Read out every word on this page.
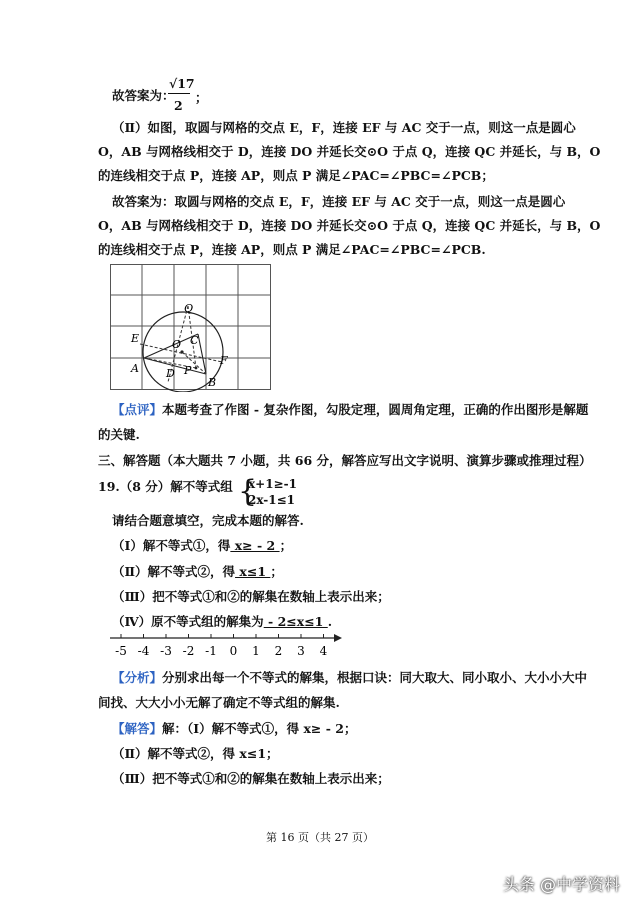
故答案为：
√17
2
；
（Ⅱ）如图，取圆与网格的交点 E，F，连接 EF 与 AC 交于一点，则这一点是圆心
O，AB 与网格线相交于 D，连接 DO 并延长交⊙O 于点 Q，连接 QC 并延长，与 B，O
的连线相交于点 P，连接 AP，则点 P 满足∠PAC=∠PBC=∠PCB；
故答案为：取圆与网格的交点 E，F，连接 EF 与 AC 交于一点，则这一点是圆心
O，AB 与网格线相交于 D，连接 DO 并延长交⊙O 于点 Q，连接 QC 并延长，与 B，O
的连线相交于点 P，连接 AP，则点 P 满足∠PAC=∠PBC=∠PCB.
Q
E	O C
F
A D P
B
【点评】本题考查了作图 - 复杂作图，勾股定理，圆周角定理，正确的作出图形是解题
的关键.
三、解答题（本大题共 7 小题，共 66 分，解答应写出文字说明、演算步骤或推理过程）
19.（8 分）解不等式组 {
x+1≥-1
2x-1≤1
请结合题意填空，完成本题的解答.
（Ⅰ）解不等式①，得 x≥ - 2 ；
（Ⅱ）解不等式②，得 x≤1 ；
（Ⅲ）把不等式①和②的解集在数轴上表示出来；
（Ⅳ）原不等式组的解集为 - 2≤x≤1 .
-5 -4 -3 -2 -1 0 1 2 3 4
【分析】分别求出每一个不等式的解集，根据口诀：同大取大、同小取小、大小小大中
间找、大大小小无解了确定不等式组的解集.
【解答】解：（Ⅰ）解不等式①，得 x≥ - 2；
（Ⅱ）解不等式②，得 x≤1；
（Ⅲ）把不等式①和②的解集在数轴上表示出来；
第 16 页（共 27 页）
头条 @中学资料
